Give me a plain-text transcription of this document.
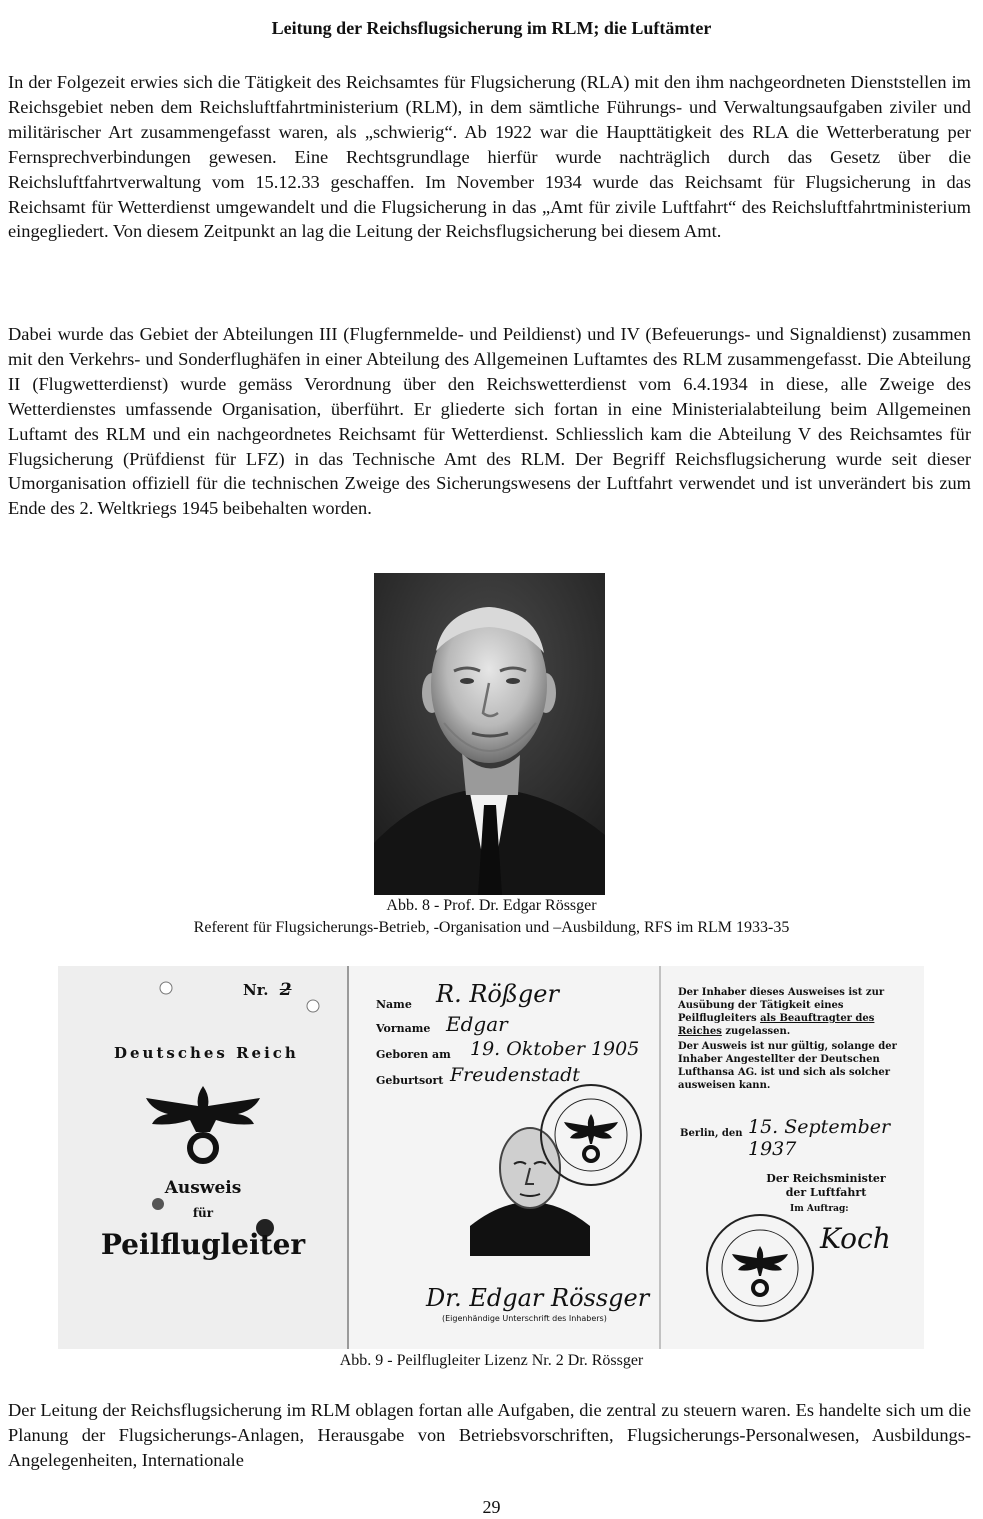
Leitung der Reichsflugsicherung im RLM; die Luftämter
In der Folgezeit erwies sich die Tätigkeit des Reichsamtes für Flugsicherung (RLA) mit den ihm nachgeordneten Dienststellen im Reichsgebiet neben dem Reichsluftfahrtministerium (RLM), in dem sämtliche Führungs- und Verwaltungsaufgaben ziviler und militärischer Art zusammengefasst waren, als „schwierig“. Ab 1922 war die Haupttätigkeit des RLA die Wetterberatung per Fernsprechverbindungen gewesen. Eine Rechtsgrundlage hierfür wurde nachträglich durch das Gesetz über die Reichsluftfahrtverwaltung vom 15.12.33 geschaffen. Im November 1934 wurde das Reichsamt für Flugsicherung in das Reichsamt für Wetterdienst umgewandelt und die Flugsicherung in das „Amt für zivile Luftfahrt“ des Reichsluftfahrtministerium eingegliedert. Von diesem Zeitpunkt an lag die Leitung der Reichsflugsicherung bei diesem Amt.
Dabei wurde das Gebiet der Abteilungen III (Flugfernmelde- und Peildienst) und IV (Befeuerungs- und Signaldienst) zusammen mit den Verkehrs- und Sonderflughäfen in einer Abteilung des Allgemeinen Luftamtes des RLM zusammengefasst. Die Abteilung II (Flugwetterdienst) wurde gemäss Verordnung über den Reichswetterdienst vom 6.4.1934 in diese, alle Zweige des Wetterdienstes umfassende Organisation, überführt. Er gliederte sich fortan in eine Ministerialabteilung beim Allgemeinen Luftamt des RLM und ein nachgeordnetes Reichsamt für Wetterdienst. Schliesslich kam die Abteilung V des Reichsamtes für Flugsicherung (Prüfdienst für LFZ) in das Technische Amt des RLM. Der Begriff Reichsflugsicherung wurde seit dieser Umorganisation offiziell für die technischen Zweige des Sicherungswesens der Luftfahrt verwendet und ist unverändert bis zum Ende des 2. Weltkriegs 1945 beibehalten worden.
Abb. 8 - Prof. Dr. Edgar Rössger
Referent für Flugsicherungs-Betrieb, -Organisation und –Ausbildung, RFS im RLM 1933-35
Nr. 2
Deutsches Reich
Ausweis
für
Peilflugleiter
Name R. Rößger
Vorname Edgar
Geboren am 19. Oktober 1905
Geburtsort Freudenstadt
Dr. Edgar Rössger
(Eigenhändige Unterschrift des Inhabers)
Der Inhaber dieses Ausweises ist zur Ausübung der Tätigkeit eines Peilflugleiters als Beauftragter des Reiches zugelassen.
Der Ausweis ist nur gültig, solange der Inhaber Angestellter der Deutschen Lufthansa AG. ist und sich als solcher ausweisen kann.
Berlin, den 15. September 1937
Der Reichsminister
der Luftfahrt
Im Auftrag:
Koch
Abb. 9 - Peilflugleiter Lizenz Nr. 2 Dr. Rössger
Der Leitung der Reichsflugsicherung im RLM oblagen fortan alle Aufgaben, die zentral zu steuern waren. Es handelte sich um die Planung der Flugsicherungs-Anlagen, Herausgabe von Betriebsvorschriften, Flugsicherungs-Personalwesen, Ausbildungs-Angelegenheiten, Internationale
29
